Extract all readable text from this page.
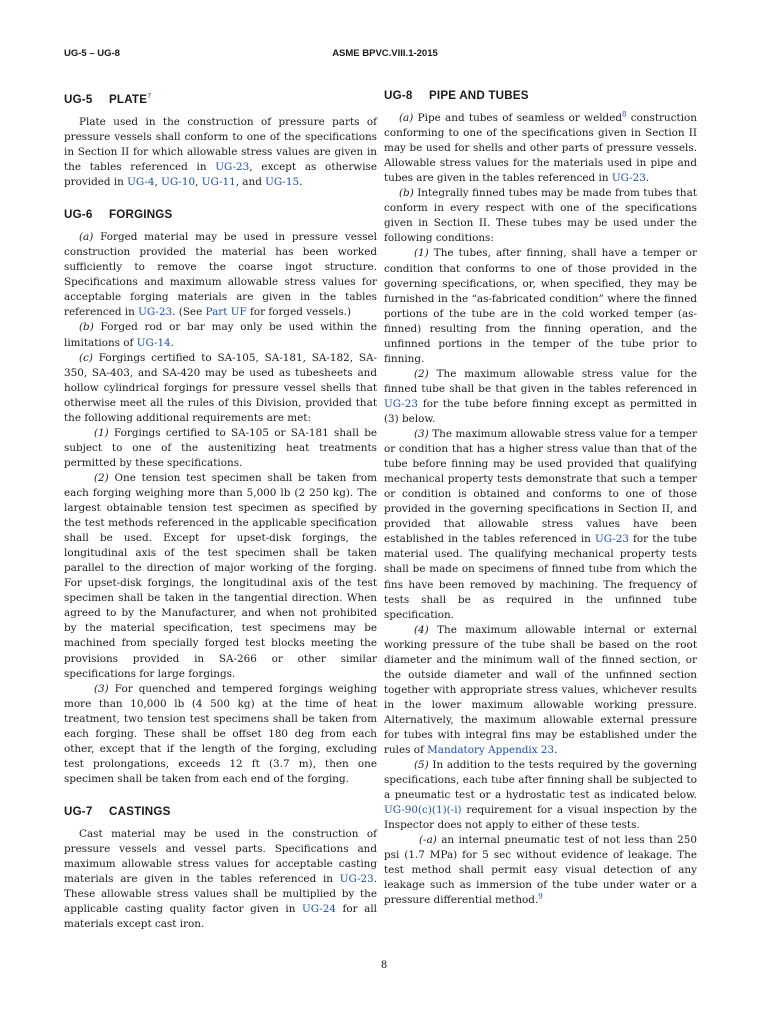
UG-5 – UG-8	ASME BPVC.VIII.1-2015
UG-5 PLATE$^7$

Plate used in the construction of pressure parts of pressure vessels shall conform to one of the specifications in Section II for which allowable stress values are given in the tables referenced in UG-23, except as otherwise provided in UG-4, UG-10, UG-11, and UG-15.

UG-6 FORGINGS

(a) Forged material may be used in pressure vessel construction provided the material has been worked sufficiently to remove the coarse ingot structure. Specifications and maximum allowable stress values for acceptable forging materials are given in the tables referenced in UG-23. (See Part UF for forged vessels.)

(b) Forged rod or bar may only be used within the limitations of UG-14.

(c) Forgings certified to SA-105, SA-181, SA-182, SA-350, SA-403, and SA-420 may be used as tubesheets and hollow cylindrical forgings for pressure vessel shells that otherwise meet all the rules of this Division, provided that the following additional requirements are met:

(1) Forgings certified to SA-105 or SA-181 shall be subject to one of the austenitizing heat treatments permitted by these specifications.

(2) One tension test specimen shall be taken from each forging weighing more than 5,000 lb (2 250 kg). The largest obtainable tension test specimen as specified by the test methods referenced in the applicable specification shall be used. Except for upset-disk forgings, the longitudinal axis of the test specimen shall be taken parallel to the direction of major working of the forging. For upset-disk forgings, the longitudinal axis of the test specimen shall be taken in the tangential direction. When agreed to by the Manufacturer, and when not prohibited by the material specification, test specimens may be machined from specially forged test blocks meeting the provisions provided in SA-266 or other similar specifications for large forgings.

(3) For quenched and tempered forgings weighing more than 10,000 lb (4 500 kg) at the time of heat treatment, two tension test specimens shall be taken from each forging. These shall be offset 180 deg from each other, except that if the length of the forging, excluding test prolongations, exceeds 12 ft (3.7 m), then one specimen shall be taken from each end of the forging.

UG-7 CASTINGS

Cast material may be used in the construction of pressure vessels and vessel parts. Specifications and maximum allowable stress values for acceptable casting materials are given in the tables referenced in UG-23. These allowable stress values shall be multiplied by the applicable casting quality factor given in UG-24 for all materials except cast iron.

UG-8 PIPE AND TUBES

(a) Pipe and tubes of seamless or welded$^8$ construction conforming to one of the specifications given in Section II may be used for shells and other parts of pressure vessels. Allowable stress values for the materials used in pipe and tubes are given in the tables referenced in UG-23.

(b) Integrally finned tubes may be made from tubes that conform in every respect with one of the specifications given in Section II. These tubes may be used under the following conditions:

(1) The tubes, after finning, shall have a temper or condition that conforms to one of those provided in the governing specifications, or, when specified, they may be furnished in the “as-fabricated condition” where the finned portions of the tube are in the cold worked temper (as-finned) resulting from the finning operation, and the unfinned portions in the temper of the tube prior to finning.

(2) The maximum allowable stress value for the finned tube shall be that given in the tables referenced in UG-23 for the tube before finning except as permitted in (3) below.

(3) The maximum allowable stress value for a temper or condition that has a higher stress value than that of the tube before finning may be used provided that qualifying mechanical property tests demonstrate that such a temper or condition is obtained and conforms to one of those provided in the governing specifications in Section II, and provided that allowable stress values have been established in the tables referenced in UG-23 for the tube material used. The qualifying mechanical property tests shall be made on specimens of finned tube from which the fins have been removed by machining. The frequency of tests shall be as required in the unfinned tube specification.

(4) The maximum allowable internal or external working pressure of the tube shall be based on the root diameter and the minimum wall of the finned section, or the outside diameter and wall of the unfinned section together with appropriate stress values, whichever results in the lower maximum allowable working pressure. Alternatively, the maximum allowable external pressure for tubes with integral fins may be established under the rules of Mandatory Appendix 23.

(5) In addition to the tests required by the governing specifications, each tube after finning shall be subjected to a pneumatic test or a hydrostatic test as indicated below. UG-90(c)(1)(-i) requirement for a visual inspection by the Inspector does not apply to either of these tests.

(-a) an internal pneumatic test of not less than 250 psi (1.7 MPa) for 5 sec without evidence of leakage. The test method shall permit easy visual detection of any leakage such as immersion of the tube under water or a pressure differential method.$^9$

8
